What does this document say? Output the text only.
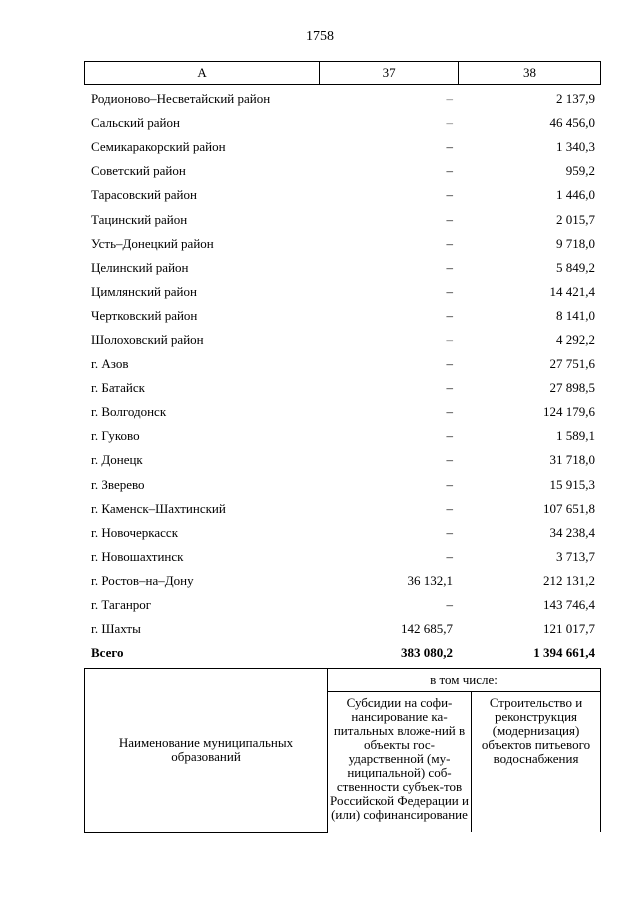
1758
А	37	38
Родионово–Несветайский район	–	2 137,9
Сальский район	–	46 456,0
Семикаракорский район	–	1 340,3
Советский район	–	959,2
Тарасовский район	–	1 446,0
Тацинский район	–	2 015,7
Усть–Донецкий район	–	9 718,0
Целинский район	–	5 849,2
Цимлянский район	–	14 421,4
Чертковский район	–	8 141,0
Шолоховский район	–	4 292,2
г. Азов	–	27 751,6
г. Батайск	–	27 898,5
г. Волгодонск	–	124 179,6
г. Гуково	–	1 589,1
г. Донецк	–	31 718,0
г. Зверево	–	15 915,3
г. Каменск–Шахтинский	–	107 651,8
г. Новочеркасск	–	34 238,4
г. Новошахтинск	–	3 713,7
г. Ростов–на–Дону	36 132,1	212 131,2
г. Таганрог	–	143 746,4
г. Шахты	142 685,7	121 017,7
Всего	383 080,2	1 394 661,4
Наименование муниципальных образований	в том числе:	
	Субсидии на софи-нансирование ка-питальных вложе-ний в объекты гос-ударственной (му-ниципальной) соб-ственности субъек-тов Российской Федерации и (или) софинансирование	Строительство и реконструкция (модернизация) объектов питьевого водоснабжения
